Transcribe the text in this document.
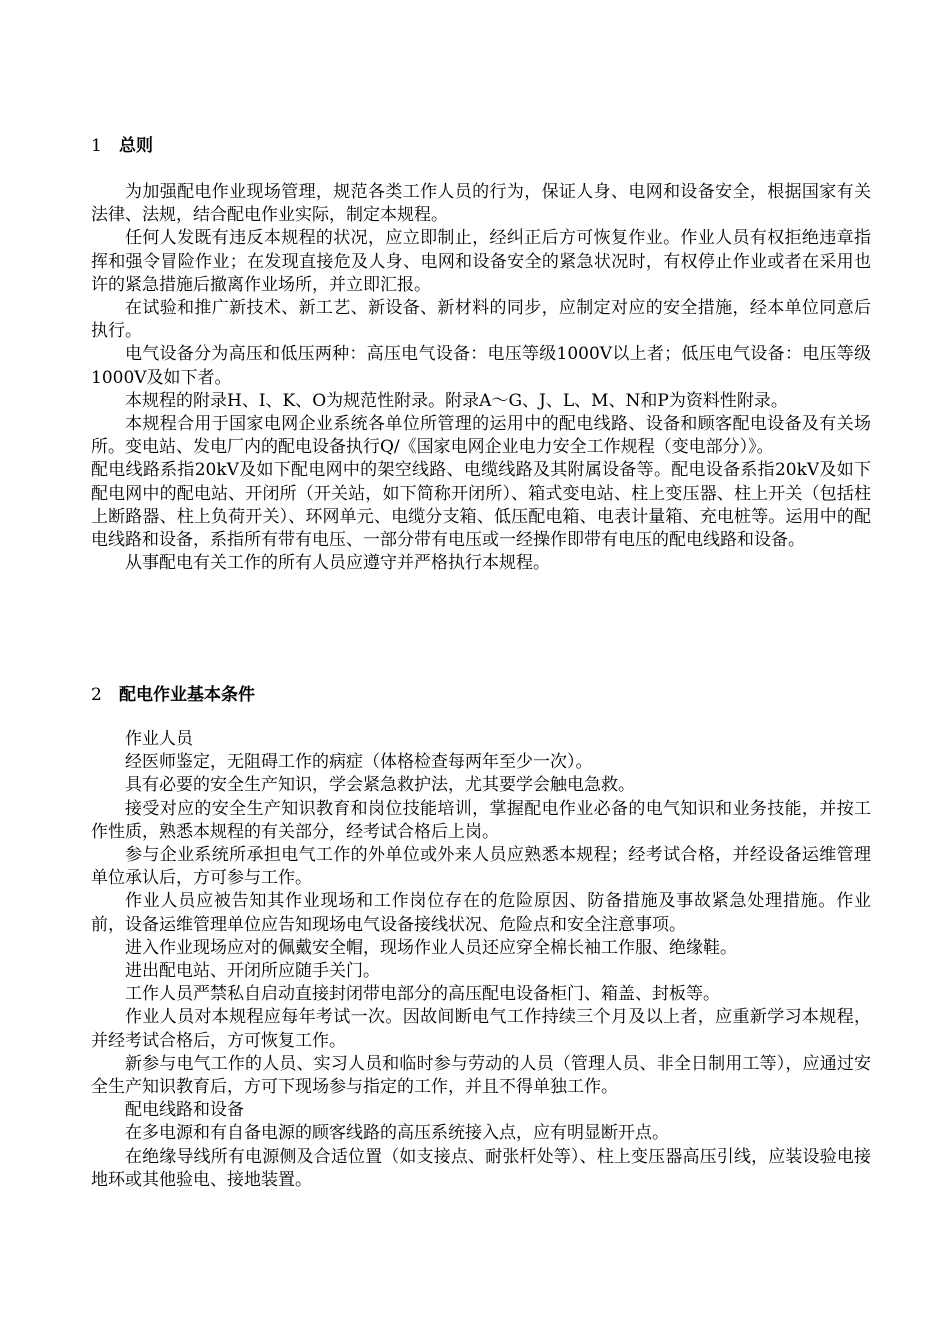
1 总则

为加强配电作业现场管理，规范各类工作人员的行为，保证人身、电网和设备安全，根据国家有关法律、法规，结合配电作业实际，制定本规程。

任何人发既有违反本规程的状况，应立即制止，经纠正后方可恢复作业。作业人员有权拒绝违章指挥和强令冒险作业；在发现直接危及人身、电网和设备安全的紧急状况时，有权停止作业或者在采用也许的紧急措施后撤离作业场所，并立即汇报。

在试验和推广新技术、新工艺、新设备、新材料的同步，应制定对应的安全措施，经本单位同意后执行。

电气设备分为高压和低压两种：高压电气设备：电压等级1000V以上者；低压电气设备：电压等级1000V及如下者。

本规程的附录H、I、K、O为规范性附录。附录A～G、J、L、M、N和P为资料性附录。

本规程合用于国家电网企业系统各单位所管理的运用中的配电线路、设备和顾客配电设备及有关场所。变电站、发电厂内的配电设备执行Q/《国家电网企业电力安全工作规程（变电部分）》。

配电线路系指20kV及如下配电网中的架空线路、电缆线路及其附属设备等。配电设备系指20kV及如下配电网中的配电站、开闭所（开关站，如下简称开闭所）、箱式变电站、柱上变压器、柱上开关（包括柱上断路器、柱上负荷开关）、环网单元、电缆分支箱、低压配电箱、电表计量箱、充电桩等。运用中的配电线路和设备，系指所有带有电压、一部分带有电压或一经操作即带有电压的配电线路和设备。

从事配电有关工作的所有人员应遵守并严格执行本规程。

2 配电作业基本条件

作业人员

经医师鉴定，无阻碍工作的病症（体格检查每两年至少一次）。

具有必要的安全生产知识，学会紧急救护法，尤其要学会触电急救。

接受对应的安全生产知识教育和岗位技能培训，掌握配电作业必备的电气知识和业务技能，并按工作性质，熟悉本规程的有关部分，经考试合格后上岗。

参与企业系统所承担电气工作的外单位或外来人员应熟悉本规程；经考试合格，并经设备运维管理单位承认后，方可参与工作。

作业人员应被告知其作业现场和工作岗位存在的危险原因、防备措施及事故紧急处理措施。作业前，设备运维管理单位应告知现场电气设备接线状况、危险点和安全注意事项。

进入作业现场应对的佩戴安全帽，现场作业人员还应穿全棉长袖工作服、绝缘鞋。

进出配电站、开闭所应随手关门。

工作人员严禁私自启动直接封闭带电部分的高压配电设备柜门、箱盖、封板等。

作业人员对本规程应每年考试一次。因故间断电气工作持续三个月及以上者，应重新学习本规程，并经考试合格后，方可恢复工作。

新参与电气工作的人员、实习人员和临时参与劳动的人员（管理人员、非全日制用工等），应通过安全生产知识教育后，方可下现场参与指定的工作，并且不得单独工作。

配电线路和设备

在多电源和有自备电源的顾客线路的高压系统接入点，应有明显断开点。

在绝缘导线所有电源侧及合适位置（如支接点、耐张杆处等）、柱上变压器高压引线，应装设验电接地环或其他验电、接地装置。
